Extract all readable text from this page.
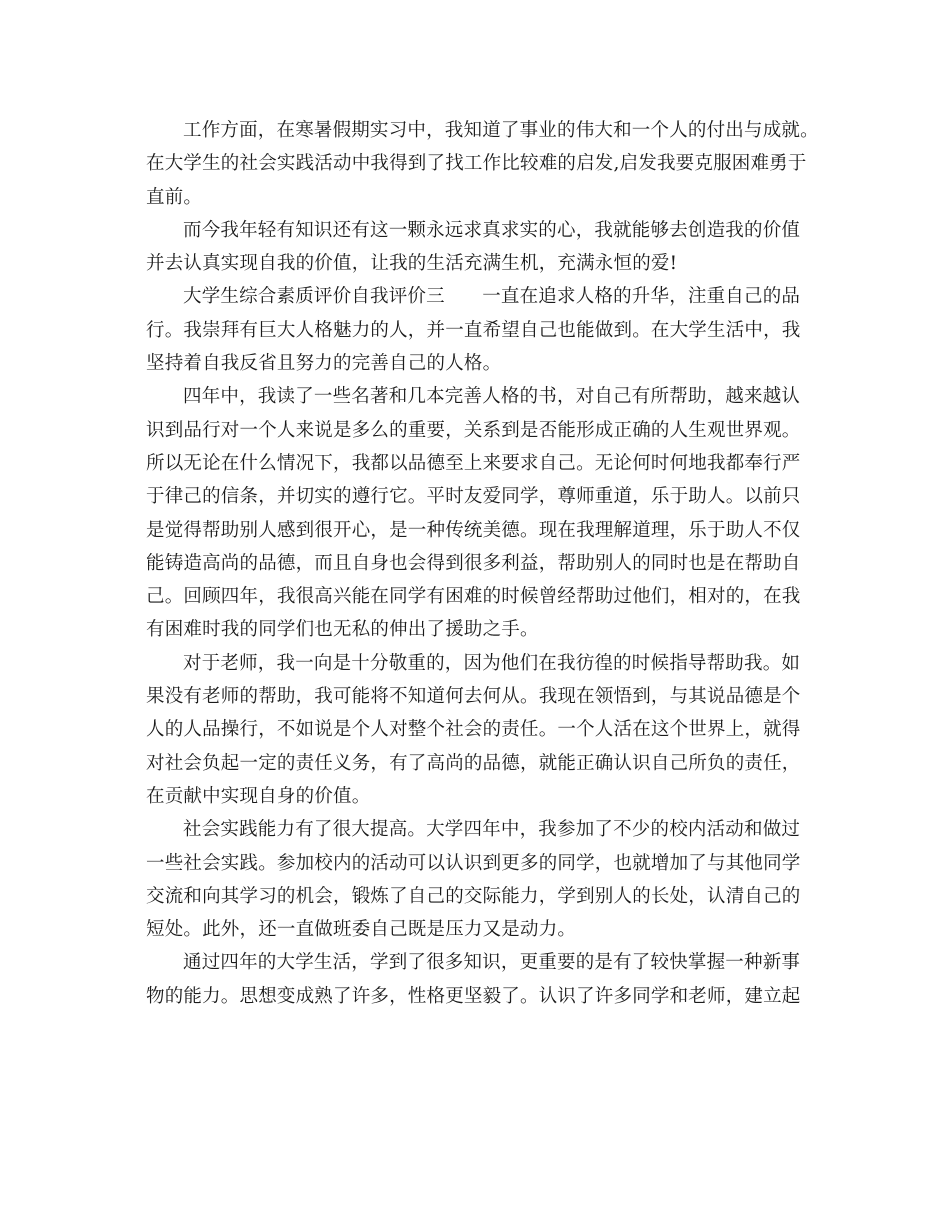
工作方面，在寒暑假期实习中，我知道了事业的伟大和一个人的付出与成就。
在大学生的社会实践活动中我得到了找工作比较难的启发,启发我要克服困难勇于
直前。
而今我年轻有知识还有这一颗永远求真求实的心，我就能够去创造我的价值
并去认真实现自我的价值，让我的生活充满生机，充满永恒的爱!
大学生综合素质评价自我评价三　　一直在追求人格的升华，注重自己的品
行。我崇拜有巨大人格魅力的人，并一直希望自己也能做到。在大学生活中，我
坚持着自我反省且努力的完善自己的人格。
四年中，我读了一些名著和几本完善人格的书，对自己有所帮助，越来越认
识到品行对一个人来说是多么的重要，关系到是否能形成正确的人生观世界观。
所以无论在什么情况下，我都以品德至上来要求自己。无论何时何地我都奉行严
于律己的信条，并切实的遵行它。平时友爱同学，尊师重道，乐于助人。以前只
是觉得帮助别人感到很开心，是一种传统美德。现在我理解道理，乐于助人不仅
能铸造高尚的品德，而且自身也会得到很多利益，帮助别人的同时也是在帮助自
己。回顾四年，我很高兴能在同学有困难的时候曾经帮助过他们，相对的，在我
有困难时我的同学们也无私的伸出了援助之手。
对于老师，我一向是十分敬重的，因为他们在我彷徨的时候指导帮助我。如
果没有老师的帮助，我可能将不知道何去何从。我现在领悟到，与其说品德是个
人的人品操行，不如说是个人对整个社会的责任。一个人活在这个世界上，就得
对社会负起一定的责任义务，有了高尚的品德，就能正确认识自己所负的责任，
在贡献中实现自身的价值。
社会实践能力有了很大提高。大学四年中，我参加了不少的校内活动和做过
一些社会实践。参加校内的活动可以认识到更多的同学，也就增加了与其他同学
交流和向其学习的机会，锻炼了自己的交际能力，学到别人的长处，认清自己的
短处。此外，还一直做班委自己既是压力又是动力。
通过四年的大学生活，学到了很多知识，更重要的是有了较快掌握一种新事
物的能力。思想变成熟了许多，性格更坚毅了。认识了许多同学和老师，建立起
